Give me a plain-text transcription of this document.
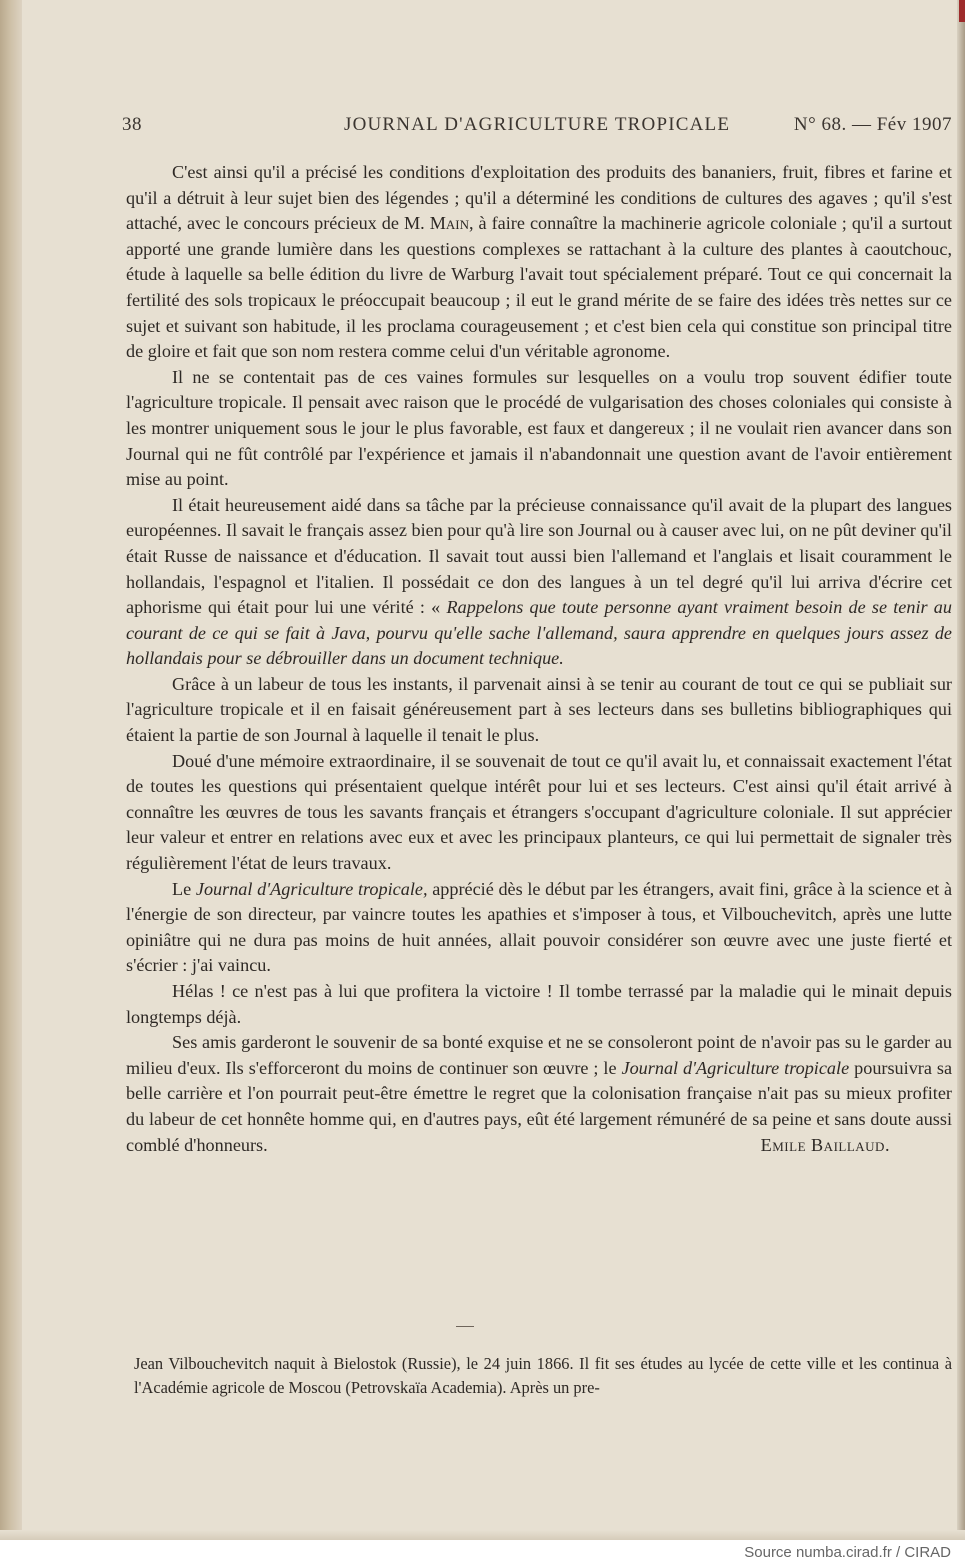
38	JOURNAL D'AGRICULTURE TROPICALE	N° 68. — Fév 1907

C'est ainsi qu'il a précisé les conditions d'exploitation des produits des bananiers, fruit, fibres et farine et qu'il a détruit à leur sujet bien des légendes ; qu'il a déterminé les conditions de cultures des agaves ; qu'il s'est attaché, avec le concours précieux de M. Main, à faire connaître la machinerie agricole coloniale ; qu'il a surtout apporté une grande lumière dans les questions complexes se rattachant à la culture des plantes à caoutchouc, étude à laquelle sa belle édition du livre de Warburg l'avait tout spécialement préparé. Tout ce qui concernait la fertilité des sols tropicaux le préoccupait beaucoup ; il eut le grand mérite de se faire des idées très nettes sur ce sujet et suivant son habitude, il les proclama courageusement ; et c'est bien cela qui constitue son principal titre de gloire et fait que son nom restera comme celui d'un véritable agronome.

Il ne se contentait pas de ces vaines formules sur lesquelles on a voulu trop souvent édifier toute l'agriculture tropicale. Il pensait avec raison que le procédé de vulgarisation des choses coloniales qui consiste à les montrer uniquement sous le jour le plus favorable, est faux et dangereux ; il ne voulait rien avancer dans son Journal qui ne fût contrôlé par l'expérience et jamais il n'abandonnait une question avant de l'avoir entièrement mise au point.

Il était heureusement aidé dans sa tâche par la précieuse connaissance qu'il avait de la plupart des langues européennes. Il savait le français assez bien pour qu'à lire son Journal ou à causer avec lui, on ne pût deviner qu'il était Russe de naissance et d'éducation. Il savait tout aussi bien l'allemand et l'anglais et lisait couramment le hollandais, l'espagnol et l'italien. Il possédait ce don des langues à un tel degré qu'il lui arriva d'écrire cet aphorisme qui était pour lui une vérité : « Rappelons que toute personne ayant vraiment besoin de se tenir au courant de ce qui se fait à Java, pourvu qu'elle sache l'allemand, saura apprendre en quelques jours assez de hollandais pour se débrouiller dans un document technique.

Grâce à un labeur de tous les instants, il parvenait ainsi à se tenir au courant de tout ce qui se publiait sur l'agriculture tropicale et il en faisait généreusement part à ses lecteurs dans ses bulletins bibliographiques qui étaient la partie de son Journal à laquelle il tenait le plus.

Doué d'une mémoire extraordinaire, il se souvenait de tout ce qu'il avait lu, et connaissait exactement l'état de toutes les questions qui présentaient quelque intérêt pour lui et ses lecteurs. C'est ainsi qu'il était arrivé à connaître les œuvres de tous les savants français et étrangers s'occupant d'agriculture coloniale. Il sut apprécier leur valeur et entrer en relations avec eux et avec les principaux planteurs, ce qui lui permettait de signaler très régulièrement l'état de leurs travaux.

Le Journal d'Agriculture tropicale, apprécié dès le début par les étrangers, avait fini, grâce à la science et à l'énergie de son directeur, par vaincre toutes les apathies et s'imposer à tous, et Vilbouchevitch, après une lutte opiniâtre qui ne dura pas moins de huit années, allait pouvoir considérer son œuvre avec une juste fierté et s'écrier : j'ai vaincu.

Hélas ! ce n'est pas à lui que profitera la victoire ! Il tombe terrassé par la maladie qui le minait depuis longtemps déjà.

Ses amis garderont le souvenir de sa bonté exquise et ne se consoleront point de n'avoir pas su le garder au milieu d'eux. Ils s'efforceront du moins de continuer son œuvre ; le Journal d'Agriculture tropicale poursuivra sa belle carrière et l'on pourrait peut-être émettre le regret que la colonisation française n'ait pas su mieux profiter du labeur de cet honnête homme qui, en d'autres pays, eût été largement rémunéré de sa peine et sans doute aussi comblé d'honneurs.	Emile Baillaud.

Jean Vilbouchevitch naquit à Bielostok (Russie), le 24 juin 1866. Il fit ses études au lycée de cette ville et les continua à l'Académie agricole de Moscou (Petrovskaïa Academia). Après un pre-

Source numba.cirad.fr / CIRAD
